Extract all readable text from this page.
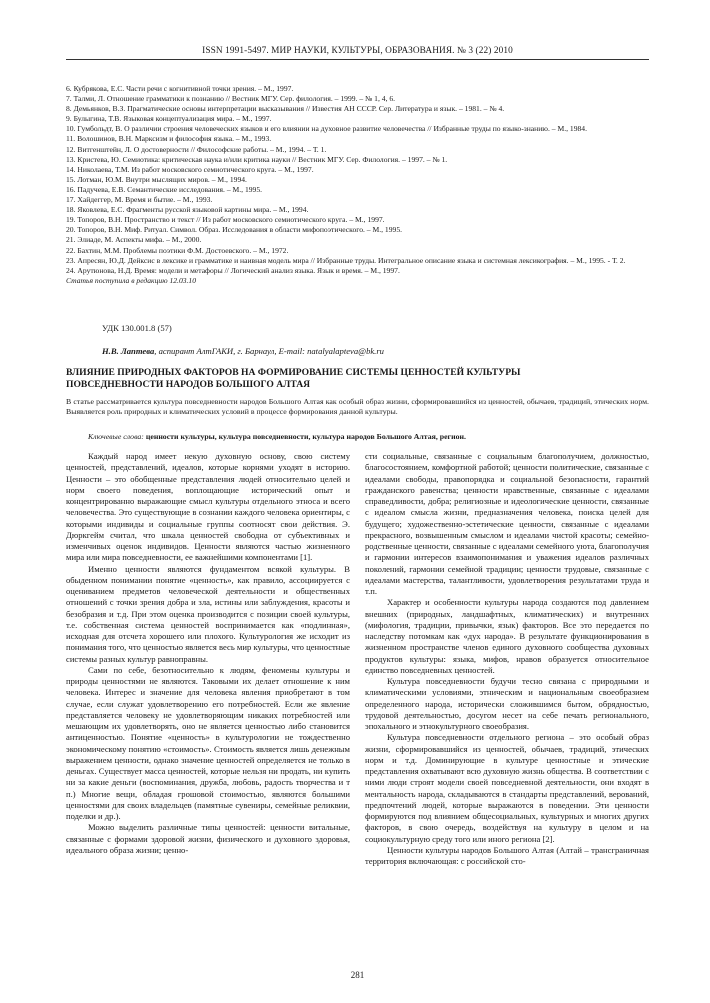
ISSN 1991-5497. МИР НАУКИ, КУЛЬТУРЫ, ОБРАЗОВАНИЯ. № 3 (22) 2010
6. Кубрякова, Е.С. Части речи с когнитивной точки зрения. – М., 1997.
7. Талми, Л. Отношение грамматики к познанию // Вестник МГУ. Сер. филология. – 1999. – № 1, 4, 6.
8. Демьянков, В.З. Прагматические основы интерпретации высказывания // Известия АН СССР. Сер. Литература и язык. – 1981. – № 4.
9. Булыгина, Т.В. Языковая концептуализация мира. – М., 1997.
10. Гумбольдт, В. О различии строения человеческих языков и его влиянии на духовное развитие человечества // Избранные труды по языко-знанию. – М., 1984.
11. Волошинов, В.Н. Марксизм и философия языка. – М., 1993.
12. Витгенштейн, Л. О достоверности // Философские работы. – М., 1994. – Т. 1.
13. Кристева, Ю. Семиотика: критическая наука и/или критика науки // Вестник МГУ. Сер. Филология. – 1997. – № 1.
14. Николаева, Т.М. Из работ московского семиотического круга. – М., 1997.
15. Лотман, Ю.М. Внутри мыслящих миров. – М., 1994.
16. Падучева, Е.В. Семантические исследования. – М., 1995.
17. Хайдеггер, М. Время и бытие. – М., 1993.
18. Яковлева, Е.С. Фрагменты русской языковой картины мира. – М., 1994.
19. Топоров, В.Н. Пространство и текст // Из работ московского семиотического круга. – М., 1997.
20. Топоров, В.Н. Миф. Ритуал. Символ. Образ. Исследования в области мифопоэтического. – М., 1995.
21. Элиаде, М. Аспекты мифа. – М., 2000.
22. Бахтин, М.М. Проблемы поэтики Ф.М. Достоевского. – М., 1972.
23. Апресян, Ю.Д. Дейксис в лексике и грамматике и наивная модель мира // Избранные труды. Интегральное описание языка и системная лексикография. – М., 1995. - Т. 2.
24. Арутюнова, Н.Д. Время: модели и метафоры // Логический анализ языка. Язык и время. – М., 1997.
Статья поступила в редакцию 12.03.10
УДК 130.001.8 (57)
Н.В. Лаптева, аспирант АлтГАКИ, г. Барнаул, E-mail: natalyalapteva@bk.ru
ВЛИЯНИЕ ПРИРОДНЫХ ФАКТОРОВ НА ФОРМИРОВАНИЕ СИСТЕМЫ ЦЕННОСТЕЙ КУЛЬТУРЫ
ПОВСЕДНЕВНОСТИ НАРОДОВ БОЛЬШОГО АЛТАЯ
В статье рассматривается культура повседневности народов Большого Алтая как особый образ жизни, сформировавшийся из ценностей, обычаев, традиций, этических норм. Выявляется роль природных и климатических условий в процессе формирования данной культуры.
Ключевые слова: ценности культуры, культура повседневности, культура народов Большого Алтая, регион.

Каждый народ имеет некую духовную основу, свою систему ценностей, представлений, идеалов, которые корнями уходят в историю. Ценности – это обобщенные представления людей относительно целей и норм своего поведения, воплощающие исторический опыт и концентрированно выражающие смысл культуры отдельного этноса и всего человечества. Это существующие в сознании каждого человека ориентиры, с которыми индивиды и социальные группы соотносят свои действия. Э. Дюркгейм считал, что шкала ценностей свободна от субъективных и изменчивых оценок индивидов. Ценности являются частью жизненного мира или мира повседневности, ее важнейшими компонентами [1].

Именно ценности являются фундаментом всякой культуры. В обыденном понимании понятие «ценность», как правило, ассоциируется с оцениванием предметов человеческой деятельности и общественных отношений с точки зрения добра и зла, истины или заблуждения, красоты и безобразия и т.д. При этом оценка производится с позиции своей культуры, т.е. собственная система ценностей воспринимается как «подлинная», исходная для отсчета хорошего или плохого. Культурология же исходит из понимания того, что ценностью является весь мир культуры, что ценностные системы разных культур равноправны.

Сами по себе, безотносительно к людям, феномены культуры и природы ценностями не являются. Таковыми их делает отношение к ним человека. Интерес и значение для человека явления приобретают в том случае, если служат удовлетворению его потребностей. Если же явление представляется человеку не удовлетворяющим никаких потребностей или мешающим их удовлетворять, оно не является ценностью либо становится антиценностью. Понятие «ценность» в культурологии не тождественно экономическому понятию «стоимость». Стоимость является лишь денежным выражением ценности, однако значение ценностей определяется не только в деньгах. Существует масса ценностей, которые нельзя ни продать, ни купить ни за какие деньги (воспоминания, дружба, любовь, радость творчества и т п.) Многие вещи, обладая грошовой стоимостью, являются большими ценностями для своих владельцев (памятные сувениры, семейные реликвии, поделки и др.).

Можно выделить различные типы ценностей: ценности витальные, связанные с формами здоровой жизни, физического и духовного здоровья, идеального образа жизни; ценно-

сти социальные, связанные с социальным благополучием, должностью, благосостоянием, комфортной работой; ценности политические, связанные с идеалами свободы, правопорядка и социальной безопасности, гарантий гражданского равенства; ценности нравственные, связанные с идеалами справедливости, добра; религиозные и идеологические ценности, связанные с идеалом смысла жизни, предназначения человека, поиска целей для будущего; художественно-эстетические ценности, связанные с идеалами прекрасного, возвышенным смыслом и идеалами чистой красоты; семейно-родственные ценности, связанные с идеалами семейного уюта, благополучия и гармонии интересов взаимопонимания и уважения идеалов различных поколений, гармонии семейной традиции; ценности трудовые, связанные с идеалами мастерства, талантливости, удовлетворения результатами труда и т.п.

Характер и особенности культуры народа создаются под давлением внешних (природных, ландшафтных, климатических) и внутренних (мифология, традиции, привычки, язык) факторов. Все это передается по наследству потомкам как «дух народа». В результате функционирования в жизненном пространстве членов единого духовного сообщества духовных продуктов культуры: языка, мифов, нравов образуется относительное единство повседневных ценностей.

Культура повседневности будучи тесно связана с природными и климатическими условиями, этническим и национальным своеобразием определенного народа, исторически сложившимся бытом, обрядностью, трудовой деятельностью, досугом несет на себе печать регионального, эпохального и этнокультурного своеобразия.

Культура повседневности отдельного региона – это особый образ жизни, сформировавшийся из ценностей, обычаев, традиций, этических норм и т.д. Доминирующие в культуре ценностные и этические представления охватывают всю духовную жизнь общества. В соответствии с ними люди строят модели своей повседневной деятельности, они входят в ментальность народа, складываются в стандарты представлений, верований, предпочтений людей, которые выражаются в поведении. Эти ценности формируются под влиянием общесоциальных, культурных и многих других факторов, в свою очередь, воздействуя на культуру в целом и на социокультурную среду того или иного региона [2].

Ценности культуры народов Большого Алтая (Алтай – трансграничная территория включающая: с российской сто-

281
